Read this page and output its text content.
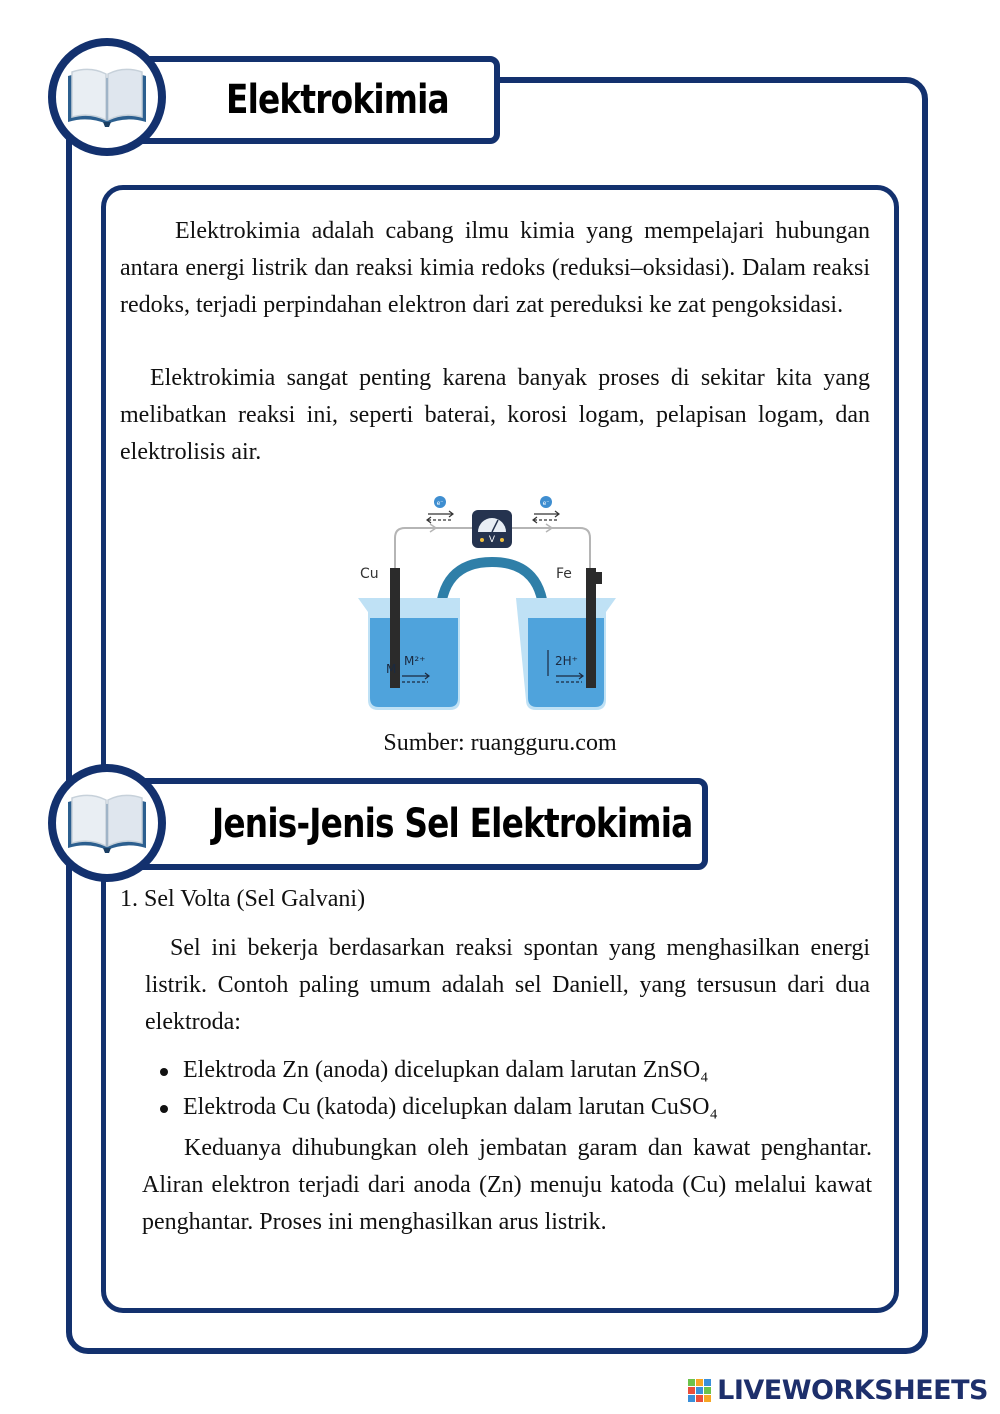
Elektrokimia

Elektrokimia adalah cabang ilmu kimia yang mempelajari hubungan antara energi listrik dan reaksi kimia redoks (reduksi–oksidasi). Dalam reaksi redoks, terjadi perpindahan elektron dari zat pereduksi ke zat pengoksidasi.

Elektrokimia sangat penting karena banyak proses di sekitar kita yang melibatkan reaksi ini, seperti baterai, korosi logam, pelapisan logam, dan elektrolisis air.

V
e⁻	e⁻
Cu	Fe
M
M²⁺	2H⁺

Sumber: ruangguru.com

Jenis-Jenis Sel Elektrokimia

1. Sel Volta (Sel Galvani)

Sel ini bekerja berdasarkan reaksi spontan yang menghasilkan energi listrik. Contoh paling umum adalah sel Daniell, yang tersusun dari dua elektroda:

Elektroda Zn (anoda) dicelupkan dalam larutan ZnSO₄
Elektroda Cu (katoda) dicelupkan dalam larutan CuSO₄

Keduanya dihubungkan oleh jembatan garam dan kawat penghantar. Aliran elektron terjadi dari anoda (Zn) menuju katoda (Cu) melalui kawat penghantar. Proses ini menghasilkan arus listrik.

LIVEWORKSHEETS
